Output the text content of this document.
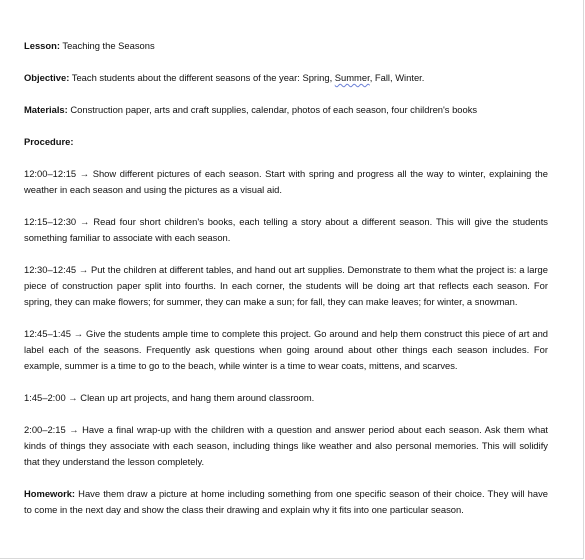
Lesson: Teaching the Seasons

Objective: Teach students about the different seasons of the year: Spring, Summer, Fall, Winter.

Materials: Construction paper, arts and craft supplies, calendar, photos of each season, four children's books

Procedure:

12:00–12:15 → Show different pictures of each season. Start with spring and progress all the way to winter, explaining the weather in each season and using the pictures as a visual aid.

12:15–12:30 → Read four short children's books, each telling a story about a different season. This will give the students something familiar to associate with each season.

12:30–12:45 → Put the children at different tables, and hand out art supplies. Demonstrate to them what the project is: a large piece of construction paper split into fourths. In each corner, the students will be doing art that reflects each season. For spring, they can make flowers; for summer, they can make a sun; for fall, they can make leaves; for winter, a snowman.

12:45–1:45 → Give the students ample time to complete this project. Go around and help them construct this piece of art and label each of the seasons. Frequently ask questions when going around about other things each season includes. For example, summer is a time to go to the beach, while winter is a time to wear coats, mittens, and scarves.

1:45–2:00 → Clean up art projects, and hang them around classroom.

2:00–2:15 → Have a final wrap-up with the children with a question and answer period about each season. Ask them what kinds of things they associate with each season, including things like weather and also personal memories. This will solidify that they understand the lesson completely.

Homework: Have them draw a picture at home including something from one specific season of their choice. They will have to come in the next day and show the class their drawing and explain why it fits into one particular season.
